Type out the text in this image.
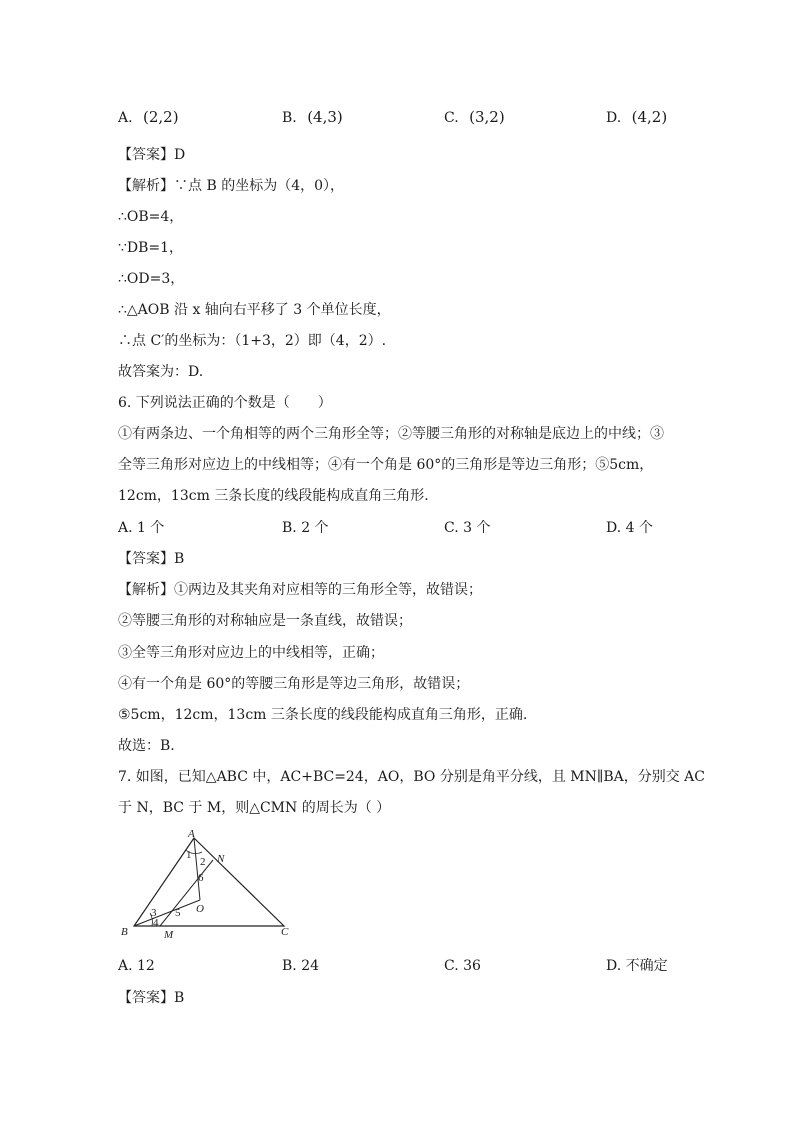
A. (2,2)	B. (4,3)	C. (3,2)	D. (4,2)
【答案】D
【解析】∵点 B 的坐标为（4，0），
∴OB=4，
∵DB=1，
∴OD=3，
∴△AOB 沿 x 轴向右平移了 3 个单位长度，
∴点 C′的坐标为：（1+3，2）即（4，2）.
故答案为：D.
6. 下列说法正确的个数是（　　）
①有两条边、一个角相等的两个三角形全等；②等腰三角形的对称轴是底边上的中线；③
全等三角形对应边上的中线相等；④有一个角是 60°的三角形是等边三角形；⑤5cm，
12cm，13cm 三条长度的线段能构成直角三角形.
A. 1 个	B. 2 个	C. 3 个	D. 4 个
【答案】B
【解析】①两边及其夹角对应相等的三角形全等，故错误；
②等腰三角形的对称轴应是一条直线，故错误；
③全等三角形对应边上的中线相等，正确；
④有一个角是 60°的等腰三角形是等边三角形，故错误；
⑤5cm，12cm，13cm 三条长度的线段能构成直角三角形，正确.
故选：B.
7. 如图，已知△ABC 中，AC+BC=24，AO，BO 分别是角平分线，且 MN∥BA，分别交 AC
于 N，BC 于 M，则△CMN 的周长为（ ）
A
B	C
N
O
M
1
2
3
4
5
6
A. 12	B. 24	C. 36	D. 不确定
【答案】B
